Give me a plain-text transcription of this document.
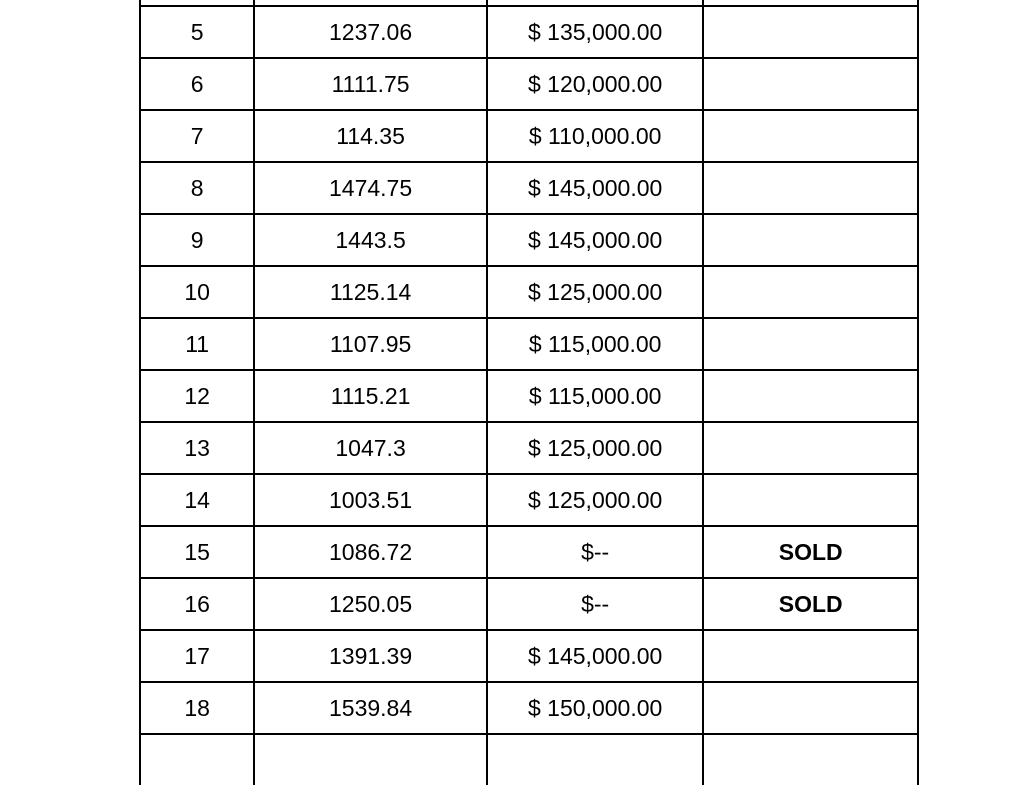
5	1237.06	$ 135,000.00	
6	1111.75	$ 120,000.00	
7	114.35	$ 110,000.00	
8	1474.75	$ 145,000.00	
9	1443.5	$ 145,000.00	
10	1125.14	$ 125,000.00	
11	1107.95	$ 115,000.00	
12	1115.21	$ 115,000.00	
13	1047.3	$ 125,000.00	
14	1003.51	$ 125,000.00	
15	1086.72	$--	SOLD
16	1250.05	$--	SOLD
17	1391.39	$ 145,000.00	
18	1539.84	$ 150,000.00	
